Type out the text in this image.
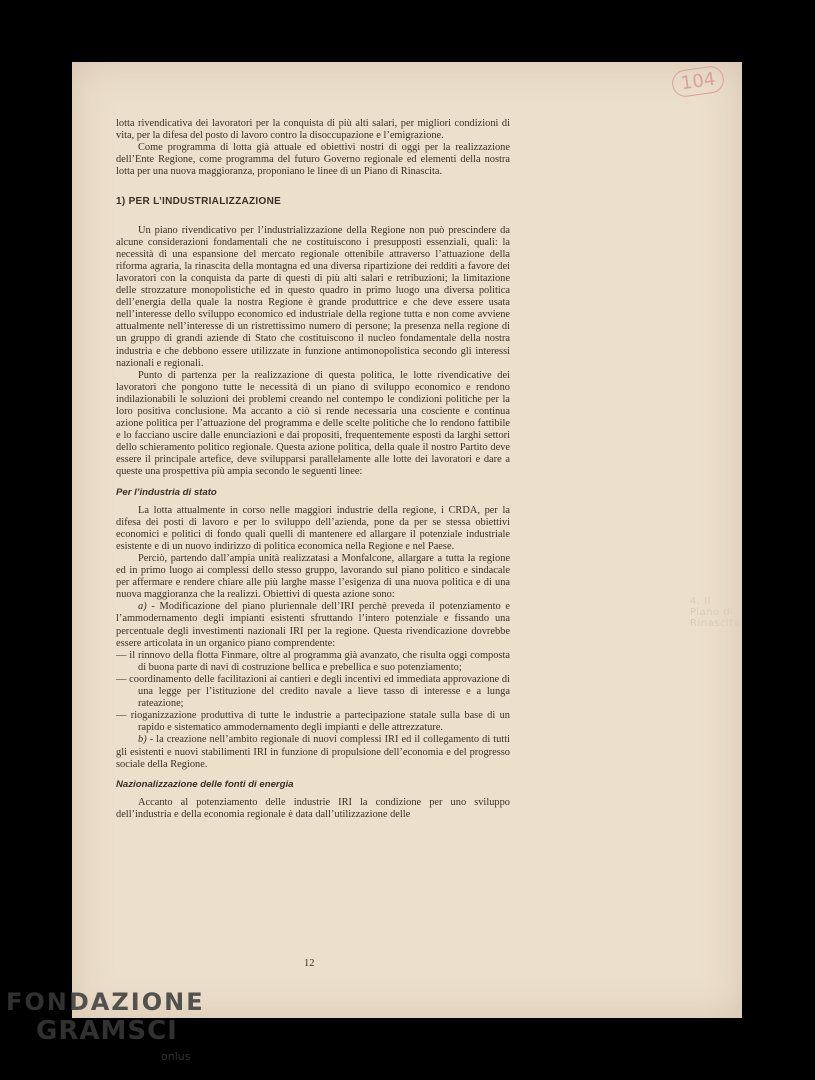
104
4. Il Piano di Rinascita

lotta rivendicativa dei lavoratori per la conquista di più alti salari, per migliori condizioni di vita, per la difesa del posto di lavoro contro la disoccupazione e l’emigrazione.

Come programma di lotta già attuale ed obiettivi nostri di oggi per la realizzazione dell’Ente Regione, come programma del futuro Governo regionale ed elementi della nostra lotta per una nuova maggioranza, proponiano le linee di un Piano di Rinascita.

1) PER L’INDUSTRIALIZZAZIONE

Un piano rivendicativo per l’industrializzazione della Regione non può prescindere da alcune considerazioni fondamentali che ne costituiscono i presupposti essenziali, quali: la necessità di una espansione del mercato regionale ottenibile attraverso l’attuazione della riforma agraria, la rinascita della montagna ed una diversa ripartizione dei redditi a favore dei lavoratori con la conquista da parte di questi di più alti salari e retribuzioni; la limitazione delle strozzature monopolistiche ed in questo quadro in primo luogo una diversa politica dell’energia della quale la nostra Regione è grande produttrice e che deve essere usata nell’interesse dello sviluppo economico ed industriale della regione tutta e non come avviene attualmente nell’interesse di un ristrettissimo numero di persone; la presenza nella regione di un gruppo di grandi aziende di Stato che costituiscono il nucleo fondamentale della nostra industria e che debbono essere utilizzate in funzione antimonopolistica secondo gli interessi nazionali e regionali.

Punto di partenza per la realizzazione di questa politica, le lotte rivendicative dei lavoratori che pongono tutte le necessità di un piano di sviluppo economico e rendono indilazionabili le soluzioni dei problemi creando nel contempo le condizioni politiche per la loro positiva conclusione. Ma accanto a ciò si rende necessaria una cosciente e continua azione politica per l’attuazione del programma e delle scelte politiche che lo rendono fattibile e lo facciano uscire dalle enunciazioni e dai propositi, frequentemente esposti da larghi settori dello schieramento politico regionale. Questa azione politica, della quale il nostro Partito deve essere il principale artefice, deve svilupparsi parallelamente alle lotte dei lavoratori e dare a queste una prospettiva più ampia secondo le seguenti linee:

Per l’industria di stato

La lotta attualmente in corso nelle maggiori industrie della regione, i CRDA, per la difesa dei posti di lavoro e per lo sviluppo dell’azienda, pone da per se stessa obiettivi economici e politici di fondo quali quelli di mantenere ed allargare il potenziale industriale esistente e di un nuovo indirizzo di politica economica nella Regione e nel Paese.

Perciò, partendo dall’ampia unità realizzatasi a Monfalcone, allargare a tutta la regione ed in primo luogo ai complessi dello stesso gruppo, lavorando sul piano politico e sindacale per affermare e rendere chiare alle più larghe masse l’esigenza di una nuova politica e di una nuova maggioranza che la realizzi. Obiettivi di questa azione sono:

a) - Modificazione del piano pluriennale dell’IRI perchè preveda il potenziamento e l’ammodernamento degli impianti esistenti sfruttando l’intero potenziale e fissando una percentuale degli investimenti nazionali IRI per la regione. Questa rivendicazione dovrebbe essere articolata in un organico piano comprendente:

— il rinnovo della flotta Finmare, oltre al programma già avanzato, che risulta oggi composta di buona parte di navi di costruzione bellica e prebellica e suo potenziamento;

— coordinamento delle facilitazioni ai cantieri e degli incentivi ed immediata approvazione di una legge per l’istituzione del credito navale a lieve tasso di interesse e a lunga rateazione;

— rioganizzazione produttiva di tutte le industrie a partecipazione statale sulla base di un rapido e sistematico ammodernamento degli impianti e delle attrezzature.

b) - la creazione nell’ambito regionale di nuovi complessi IRI ed il collegamento di tutti gli esistenti e nuovi stabilimenti IRI in funzione di propulsione dell’economia e del progresso sociale della Regione.

Nazionalizzazione delle fonti di energia

Accanto al potenziamento delle industrie IRI la condizione per uno sviluppo dell’industria e della economia regionale è data dall’utilizzazione delle

12
FONDAZIONE
GRAMSCI
onlus
